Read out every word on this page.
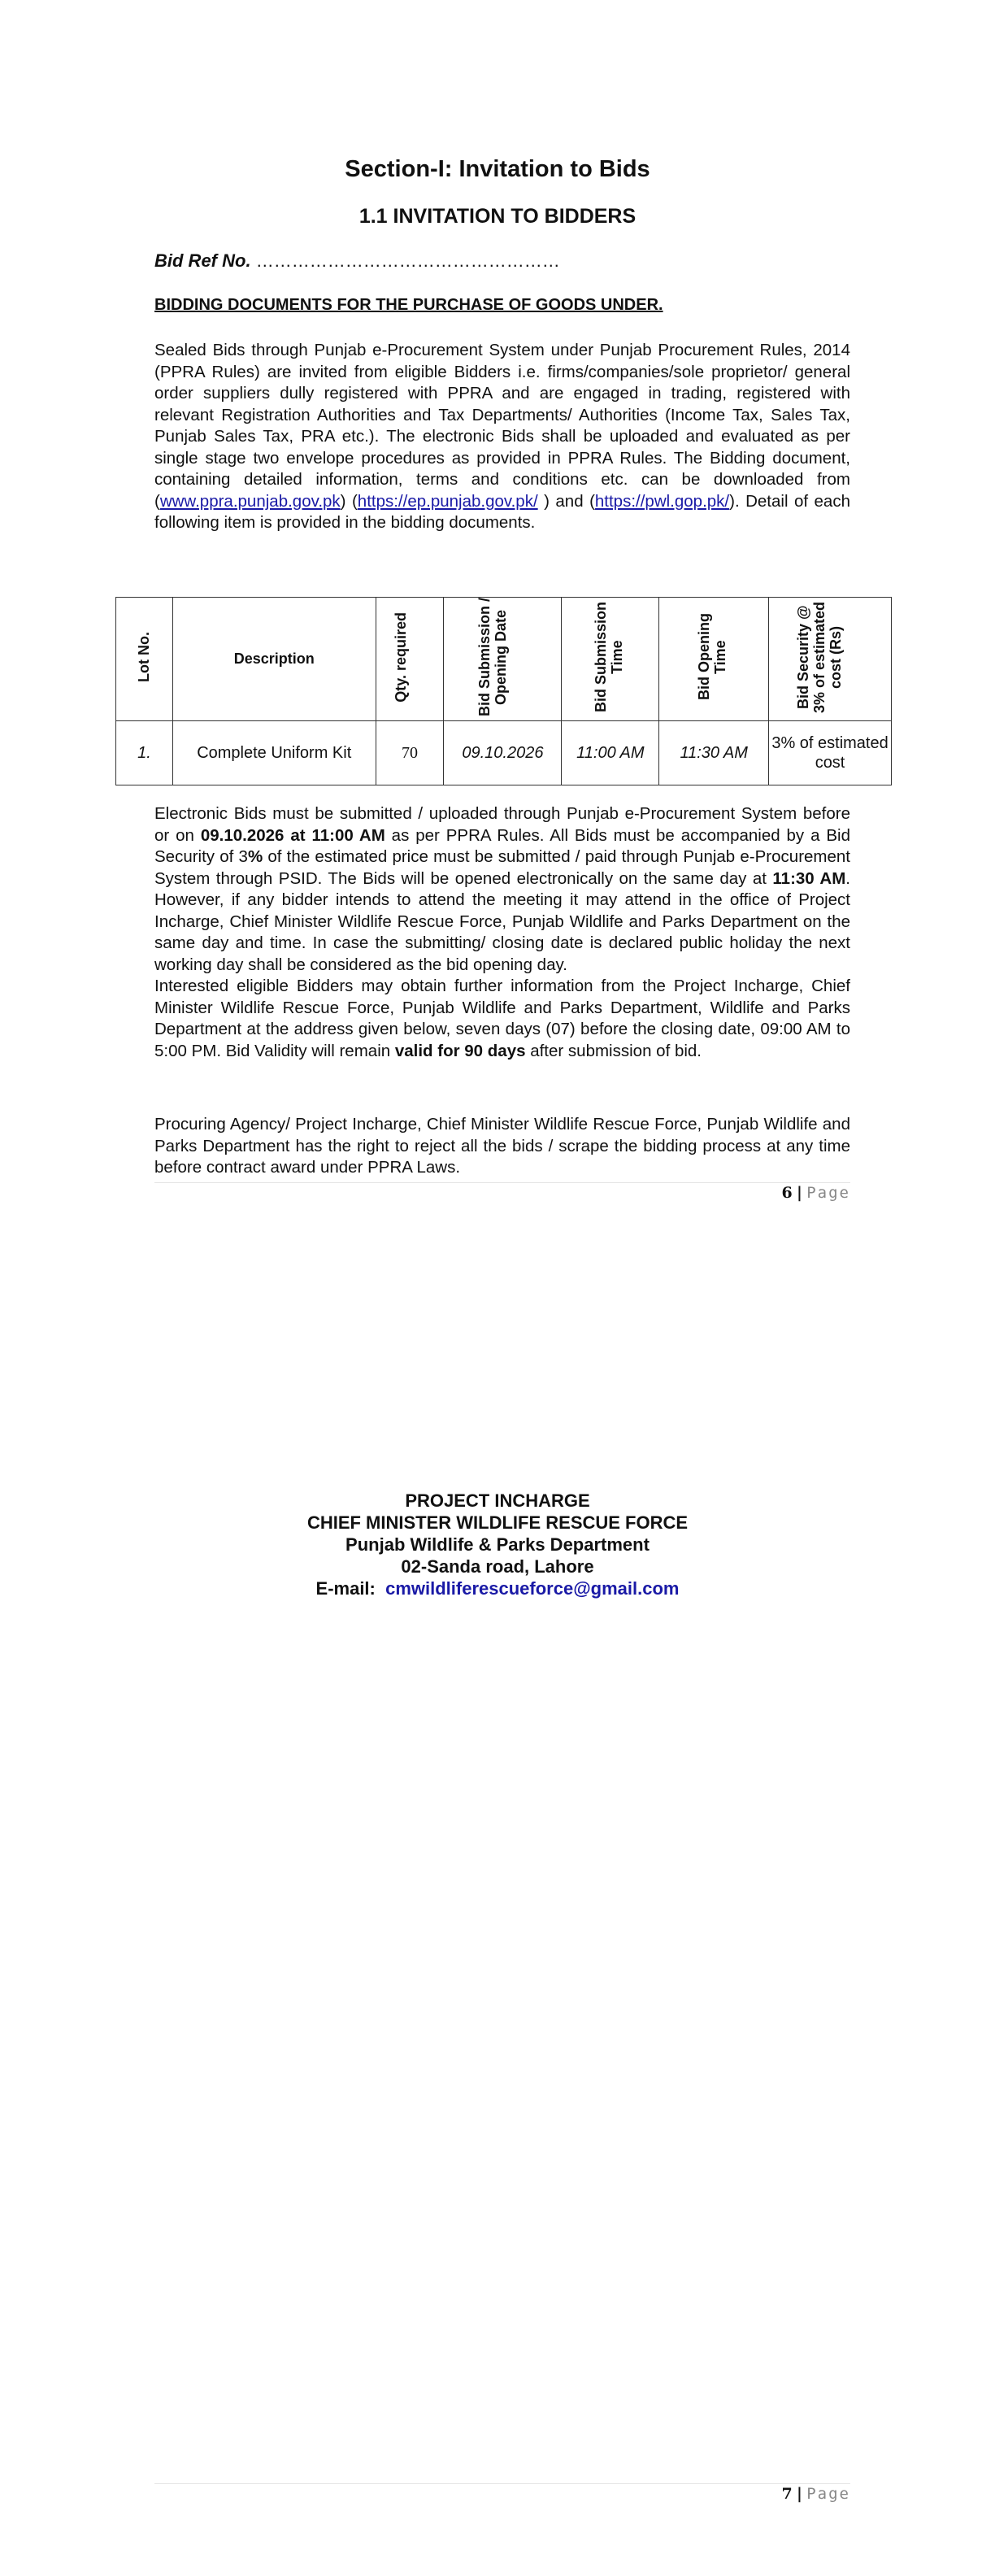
Section-I: Invitation to Bids
1.1 INVITATION TO BIDDERS
Bid Ref No. ……………………………………………
BIDDING DOCUMENTS FOR THE PURCHASE OF GOODS UNDER.

Sealed Bids through Punjab e-Procurement System under Punjab Procurement Rules, 2014 (PPRA Rules) are invited from eligible Bidders i.e. firms/companies/sole proprietor/ general order suppliers dully registered with PPRA and are engaged in trading, registered with relevant Registration Authorities and Tax Departments/ Authorities (Income Tax, Sales Tax, Punjab Sales Tax, PRA etc.). The electronic Bids shall be uploaded and evaluated as per single stage two envelope procedures as provided in PPRA Rules. The Bidding document, containing detailed information, terms and conditions etc. can be downloaded from (www.ppra.punjab.gov.pk) (https://ep.punjab.gov.pk/ ) and (https://pwl.gop.pk/). Detail of each following item is provided in the bidding documents.

Lot No.	Description	Qty. required	Bid Submission / Opening Date	Bid Submission Time	Bid Opening Time	Bid Security @ 3% of estimated cost (Rs)
1.	Complete Uniform Kit	70	09.10.2026	11:00 AM	11:30 AM	3% of estimated cost

Electronic Bids must be submitted / uploaded through Punjab e-Procurement System before or on 09.10.2026 at 11:00 AM as per PPRA Rules. All Bids must be accompanied by a Bid Security of 3% of the estimated price must be submitted / paid through Punjab e-Procurement System through PSID. The Bids will be opened electronically on the same day at 11:30 AM. However, if any bidder intends to attend the meeting it may attend in the office of Project Incharge, Chief Minister Wildlife Rescue Force, Punjab Wildlife and Parks Department on the same day and time. In case the submitting/ closing date is declared public holiday the next working day shall be considered as the bid opening day.
Interested eligible Bidders may obtain further information from the Project Incharge, Chief Minister Wildlife Rescue Force, Punjab Wildlife and Parks Department, Wildlife and Parks Department at the address given below, seven days (07) before the closing date, 09:00 AM to 5:00 PM. Bid Validity will remain valid for 90 days after submission of bid.

Procuring Agency/ Project Incharge, Chief Minister Wildlife Rescue Force, Punjab Wildlife and Parks Department has the right to reject all the bids / scrape the bidding process at any time before contract award under PPRA Laws.

6 | Page
PROJECT INCHARGE
CHIEF MINISTER WILDLIFE RESCUE FORCE
Punjab Wildlife & Parks Department
02-Sanda road, Lahore
E-mail: cmwildliferescueforce@gmail.com
7 | Page
